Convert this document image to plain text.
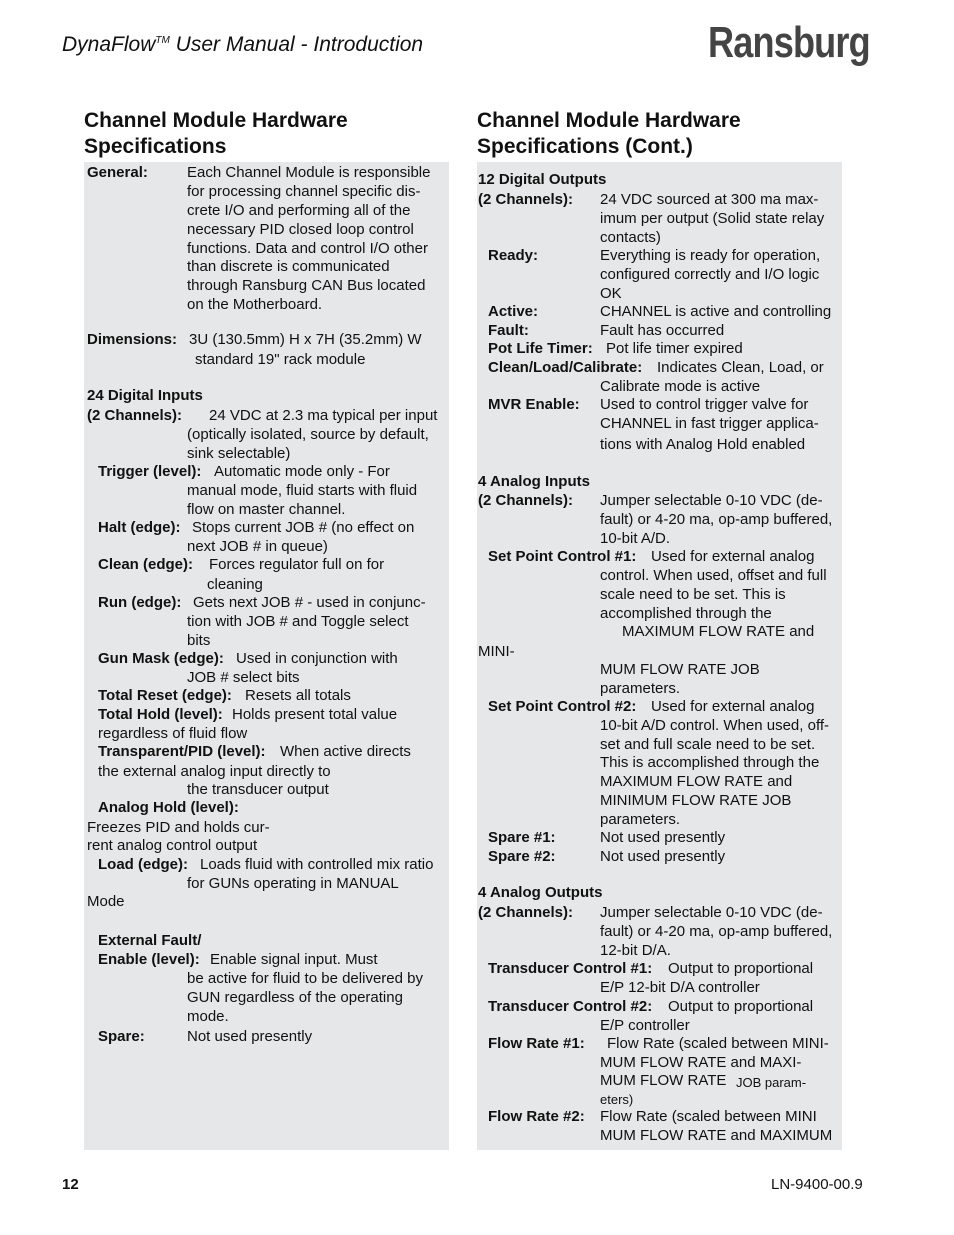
DynaFlow™ User Manual - Introduction	Ransburg
Channel Module Hardware
Specifications
Channel Module Hardware
Specifications (Cont.)
General:	Each Channel Module is responsible
for processing channel specific dis-
crete I/O and performing all of the
necessary PID closed loop control
functions. Data and control I/O other
than discrete is communicated
through Ransburg CAN Bus located
on the Motherboard.
Dimensions: 3U (130.5mm) H x 7H (35.2mm) W
standard 19" rack module
24 Digital Inputs
(2 Channels): 24 VDC at 2.3 ma typical per input
(optically isolated, source by default,
sink selectable)
Trigger (level): Automatic mode only - For
manual mode, fluid starts with fluid
flow on master channel.
Halt (edge): Stops current JOB # (no effect on
next JOB # in queue)
Clean (edge): Forces regulator full on for
cleaning
Run (edge): Gets next JOB # - used in conjunc-
tion with JOB # and Toggle select
bits
Gun Mask (edge): Used in conjunction with
JOB # select bits
Total Reset (edge): Resets all totals
Total Hold (level): Holds present total value
regardless of fluid flow
Transparent/PID (level): When active directs
the external analog input directly to
the transducer output
Analog Hold (level):
Freezes PID and holds cur-
rent analog control output
Load (edge): Loads fluid with controlled mix ratio
for GUNs operating in MANUAL
Mode
External Fault/
Enable (level): Enable signal input. Must
be active for fluid to be delivered by
GUN regardless of the operating
mode.
Spare:	Not used presently
12 Digital Outputs
(2 Channels): 24 VDC sourced at 300 ma max-
imum per output (Solid state relay
contacts)
Ready:	Everything is ready for operation,
configured correctly and I/O logic
OK
Active:	CHANNEL is active and controlling
Fault:	Fault has occurred
Pot Life Timer: Pot life timer expired
Clean/Load/Calibrate: Indicates Clean, Load, or
Calibrate mode is active
MVR Enable: Used to control trigger valve for
CHANNEL in fast trigger applica-
tions with Analog Hold enabled
4 Analog Inputs
(2 Channels): Jumper selectable 0-10 VDC (de-
fault) or 4-20 ma, op-amp buffered,
10-bit A/D.
Set Point Control #1: Used for external analog
control. When used, offset and full
scale need to be set. This is
accomplished through the
MAXIMUM FLOW RATE and
MINI-
MUM FLOW RATE JOB
parameters.
Set Point Control #2: Used for external analog
10-bit A/D control. When used, off-
set and full scale need to be set.
This is accomplished through the
MAXIMUM FLOW RATE and
MINIMUM FLOW RATE JOB
parameters.
Spare #1:	Not used presently
Spare #2:	Not used presently
4 Analog Outputs
(2 Channels): Jumper selectable 0-10 VDC (de-
fault) or 4-20 ma, op-amp buffered,
12-bit D/A.
Transducer Control #1: Output to proportional
E/P 12-bit D/A controller
Transducer Control #2: Output to proportional
E/P controller
Flow Rate #1: Flow Rate (scaled between MINI-
MUM FLOW RATE and MAXI-
MUM FLOW RATE JOB param-
eters)
Flow Rate #2: Flow Rate (scaled between MINI
MUM FLOW RATE and MAXIMUM
12	LN-9400-00.9
